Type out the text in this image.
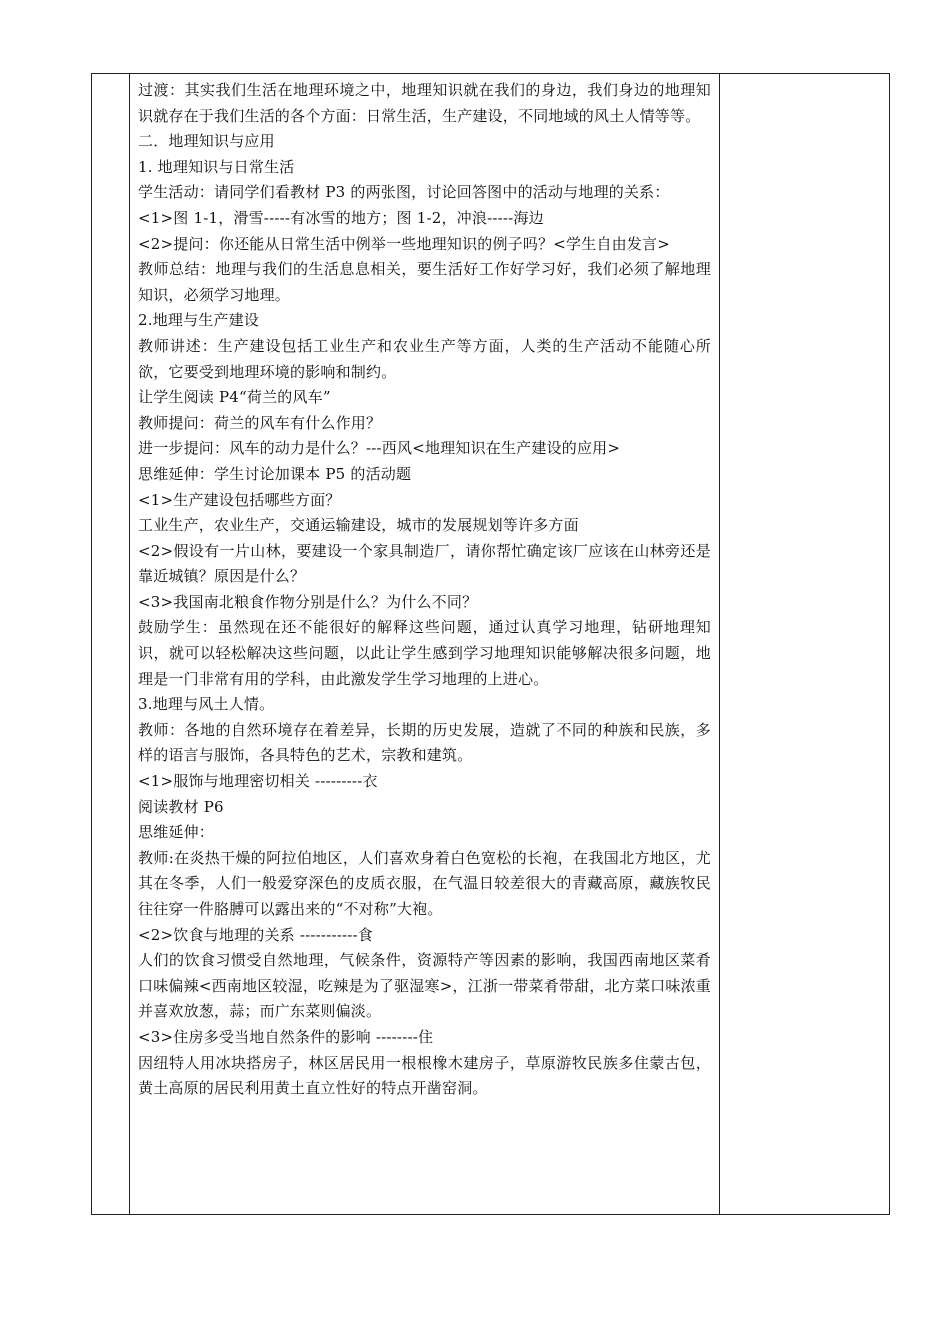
过渡：其实我们生活在地理环境之中，地理知识就在我们的身边，我们身边的地理知识就存在于我们生活的各个方面：日常生活，生产建设，不同地域的风土人情等等。

二．地理知识与应用

1. 地理知识与日常生活

学生活动：请同学们看教材 P3 的两张图，讨论回答图中的活动与地理的关系：

<1>图 1-1，滑雪-----有冰雪的地方；图 1-2，冲浪-----海边

<2>提问：你还能从日常生活中例举一些地理知识的例子吗？<学生自由发言>

教师总结：地理与我们的生活息息相关，要生活好工作好学习好，我们必须了解地理知识，必须学习地理。

2.地理与生产建设

教师讲述：生产建设包括工业生产和农业生产等方面，人类的生产活动不能随心所欲，它要受到地理环境的影响和制约。

让学生阅读 P4“荷兰的风车”

教师提问：荷兰的风车有什么作用？

进一步提问：风车的动力是什么？---西风<地理知识在生产建设的应用>

思维延伸：学生讨论加课本 P5 的活动题

<1>生产建设包括哪些方面？

工业生产，农业生产，交通运输建设，城市的发展规划等许多方面

<2>假设有一片山林，要建设一个家具制造厂，请你帮忙确定该厂应该在山林旁还是靠近城镇？原因是什么？

<3>我国南北粮食作物分别是什么？为什么不同？

鼓励学生：虽然现在还不能很好的解释这些问题，通过认真学习地理，钻研地理知识，就可以轻松解决这些问题，以此让学生感到学习地理知识能够解决很多问题，地理是一门非常有用的学科，由此激发学生学习地理的上进心。

3.地理与风土人情。

教师：各地的自然环境存在着差异，长期的历史发展，造就了不同的种族和民族，多样的语言与服饰，各具特色的艺术，宗教和建筑。

<1>服饰与地理密切相关 ---------衣

阅读教材 P6

思维延伸：

教师:在炎热干燥的阿拉伯地区，人们喜欢身着白色宽松的长袍，在我国北方地区，尤其在冬季，人们一般爱穿深色的皮质衣服，在气温日较差很大的青藏高原，藏族牧民往往穿一件胳膊可以露出来的“不对称”大袍。

<2>饮食与地理的关系 -----------食

人们的饮食习惯受自然地理，气候条件，资源特产等因素的影响，我国西南地区菜肴口味偏辣<西南地区较湿，吃辣是为了驱湿寒>，江浙一带菜肴带甜，北方菜口味浓重并喜欢放葱，蒜；而广东菜则偏淡。

<3>住房多受当地自然条件的影响 --------住

因纽特人用冰块搭房子，林区居民用一根根橡木建房子，草原游牧民族多住蒙古包，黄土高原的居民利用黄土直立性好的特点开凿窑洞。
